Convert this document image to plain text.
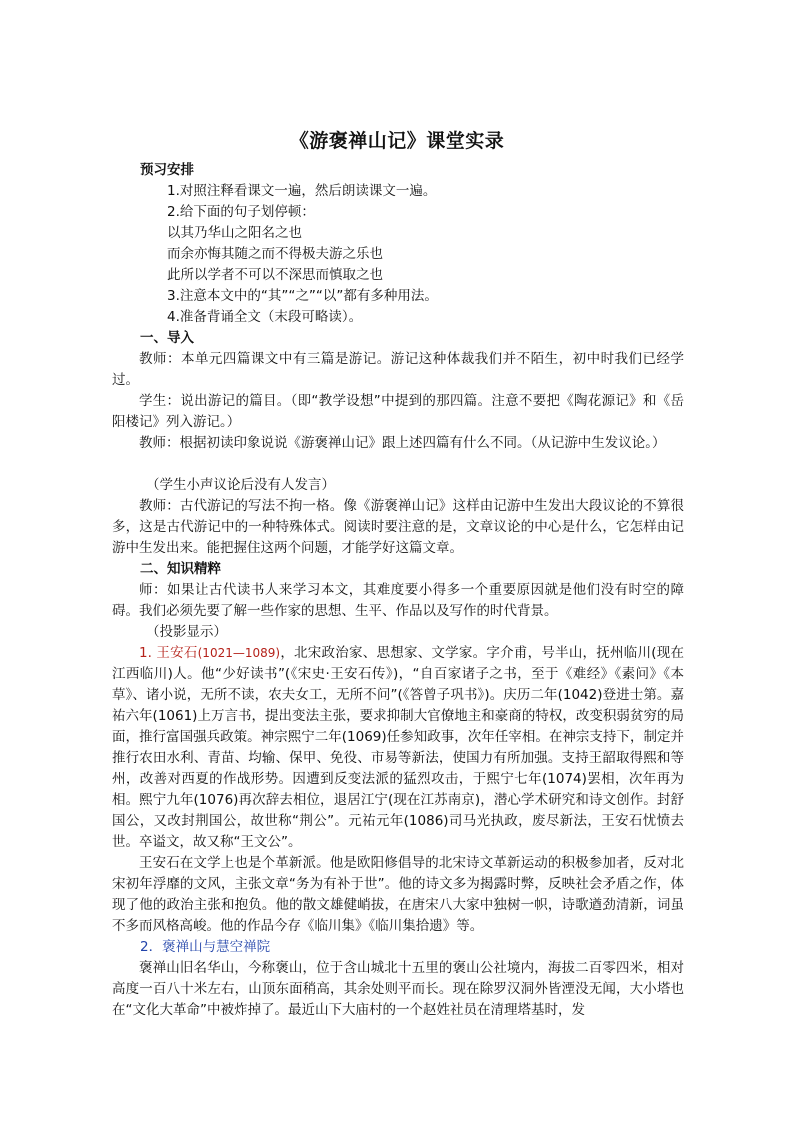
《游褒禅山记》课堂实录

预习安排

1.对照注释看课文一遍，然后朗读课文一遍。

2.给下面的句子划停顿：

以其乃华山之阳名之也

而余亦悔其随之而不得极夫游之乐也

此所以学者不可以不深思而慎取之也

3.注意本文中的“其”“之”“以”都有多种用法。

4.准备背诵全文（末段可略读）。

一、导入

教师：本单元四篇课文中有三篇是游记。游记这种体裁我们并不陌生，初中时我们已经学过。

学生：说出游记的篇目。（即“教学设想”中提到的那四篇。注意不要把《陶花源记》和《岳阳楼记》列入游记。）

教师：根据初读印象说说《游褒禅山记》跟上述四篇有什么不同。（从记游中生发议论。）

（学生小声议论后没有人发言）

教师：古代游记的写法不拘一格。像《游褒禅山记》这样由记游中生发出大段议论的不算很多，这是古代游记中的一种特殊体式。阅读时要注意的是，文章议论的中心是什么，它怎样由记游中生发出来。能把握住这两个问题，才能学好这篇文章。

二、知识精粹

师：如果让古代读书人来学习本文，其难度要小得多一个重要原因就是他们没有时空的障碍。我们必须先要了解一些作家的思想、生平、作品以及写作的时代背景。

（投影显示）

1. 王安石(1021—1089)，北宋政治家、思想家、文学家。字介甫，号半山，抚州临川(现在江西临川)人。他“少好读书”(《宋史·王安石传》)，“自百家诸子之书，至于《难经》《素问》《本草》、诸小说，无所不读，农夫女工，无所不问”(《答曾子巩书》)。庆历二年(1042)登进士第。嘉祐六年(1061)上万言书，提出变法主张，要求抑制大官僚地主和豪商的特权，改变积弱贫穷的局面，推行富国强兵政策。神宗熙宁二年(1069)任参知政事，次年任宰相。在神宗支持下，制定并推行农田水利、青苗、均输、保甲、免役、市易等新法，使国力有所加强。支持王韶取得熙和等州，改善对西夏的作战形势。因遭到反变法派的猛烈攻击，于熙宁七年(1074)罢相，次年再为相。熙宁九年(1076)再次辞去相位，退居江宁(现在江苏南京)，潜心学术研究和诗文创作。封舒国公，又改封荆国公，故世称“荆公”。元祐元年(1086)司马光执政，废尽新法，王安石忧愤去世。卒谥文，故又称“王文公”。

王安石在文学上也是个革新派。他是欧阳修倡导的北宋诗文革新运动的积极参加者，反对北宋初年浮靡的文风，主张文章“务为有补于世”。他的诗文多为揭露时弊，反映社会矛盾之作，体现了他的政治主张和抱负。他的散文雄健峭拔，在唐宋八大家中独树一帜，诗歌遒劲清新，词虽不多而风格高峻。他的作品今存《临川集》《临川集拾遗》等。

2．褒禅山与慧空禅院

褒禅山旧名华山，今称褒山，位于含山城北十五里的褒山公社境内，海拔二百零四米，相对高度一百八十米左右，山顶东面稍高，其余处则平而长。现在除罗汉洞外皆湮没无闻，大小塔也在“文化大革命”中被炸掉了。最近山下大庙村的一个赵姓社员在清理塔基时，发
